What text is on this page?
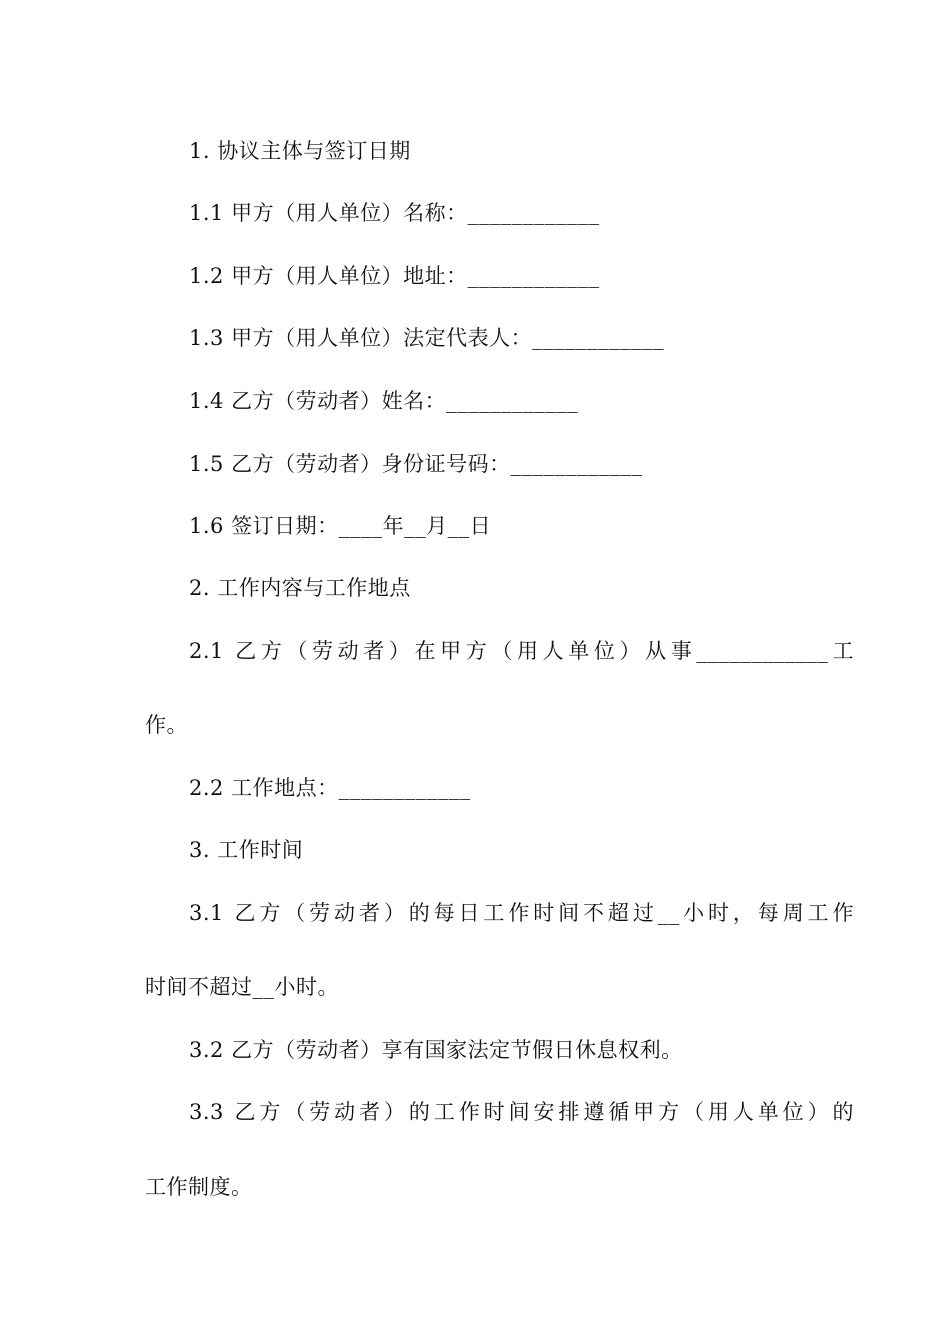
1. 协议主体与签订日期
1.1 甲方（用人单位）名称：____________
1.2 甲方（用人单位）地址：____________
1.3 甲方（用人单位）法定代表人：____________
1.4 乙方（劳动者）姓名：____________
1.5 乙方（劳动者）身份证号码：____________
1.6 签订日期：____年__月__日
2. 工作内容与工作地点
2.1 乙方（劳动者）在甲方（用人单位）从事____________工
作。
2.2 工作地点：____________
3. 工作时间
3.1 乙方（劳动者）的每日工作时间不超过__小时，每周工作
时间不超过__小时。
3.2 乙方（劳动者）享有国家法定节假日休息权利。
3.3 乙方（劳动者）的工作时间安排遵循甲方（用人单位）的
工作制度。
